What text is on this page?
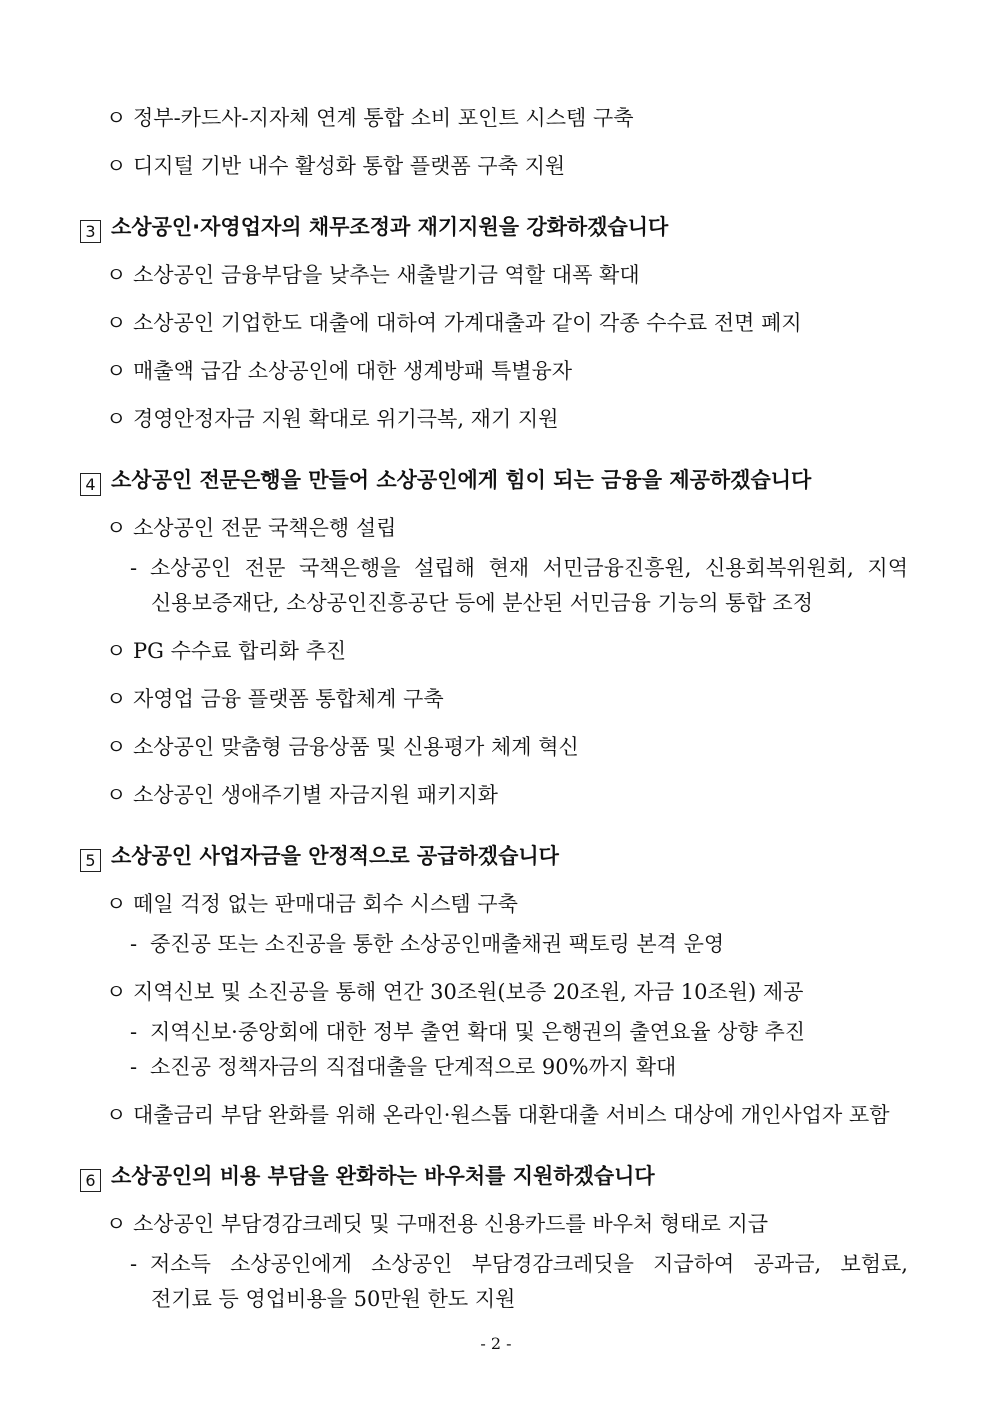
ㅇ 정부-카드사-지자체 연계 통합 소비 포인트 시스템 구축

ㅇ 디지털 기반 내수 활성화 통합 플랫폼 구축 지원

3 소상공인·자영업자의 채무조정과 재기지원을 강화하겠습니다

ㅇ 소상공인 금융부담을 낮추는 새출발기금 역할 대폭 확대

ㅇ 소상공인 기업한도 대출에 대하여 가계대출과 같이 각종 수수료 전면 폐지

ㅇ 매출액 급감 소상공인에 대한 생계방패 특별융자

ㅇ 경영안정자금 지원 확대로 위기극복, 재기 지원

4 소상공인 전문은행을 만들어 소상공인에게 힘이 되는 금융을 제공하겠습니다

ㅇ 소상공인 전문 국책은행 설립

- 소상공인 전문 국책은행을 설립해 현재 서민금융진흥원, 신용회복위원회, 지역

신용보증재단, 소상공인진흥공단 등에 분산된 서민금융 기능의 통합 조정

ㅇ PG 수수료 합리화 추진

ㅇ 자영업 금융 플랫폼 통합체계 구축

ㅇ 소상공인 맞춤형 금융상품 및 신용평가 체계 혁신

ㅇ 소상공인 생애주기별 자금지원 패키지화

5 소상공인 사업자금을 안정적으로 공급하겠습니다

ㅇ 떼일 걱정 없는 판매대금 회수 시스템 구축

- 중진공 또는 소진공을 통한 소상공인매출채권 팩토링 본격 운영

ㅇ 지역신보 및 소진공을 통해 연간 30조원(보증 20조원, 자금 10조원) 제공

- 지역신보·중앙회에 대한 정부 출연 확대 및 은행권의 출연요율 상향 추진

- 소진공 정책자금의 직접대출을 단계적으로 90%까지 확대

ㅇ 대출금리 부담 완화를 위해 온라인·원스톱 대환대출 서비스 대상에 개인사업자 포함

6 소상공인의 비용 부담을 완화하는 바우처를 지원하겠습니다

ㅇ 소상공인 부담경감크레딧 및 구매전용 신용카드를 바우처 형태로 지급

- 저소득 소상공인에게 소상공인 부담경감크레딧을 지급하여 공과금, 보험료,

전기료 등 영업비용을 50만원 한도 지원

- 2 -
